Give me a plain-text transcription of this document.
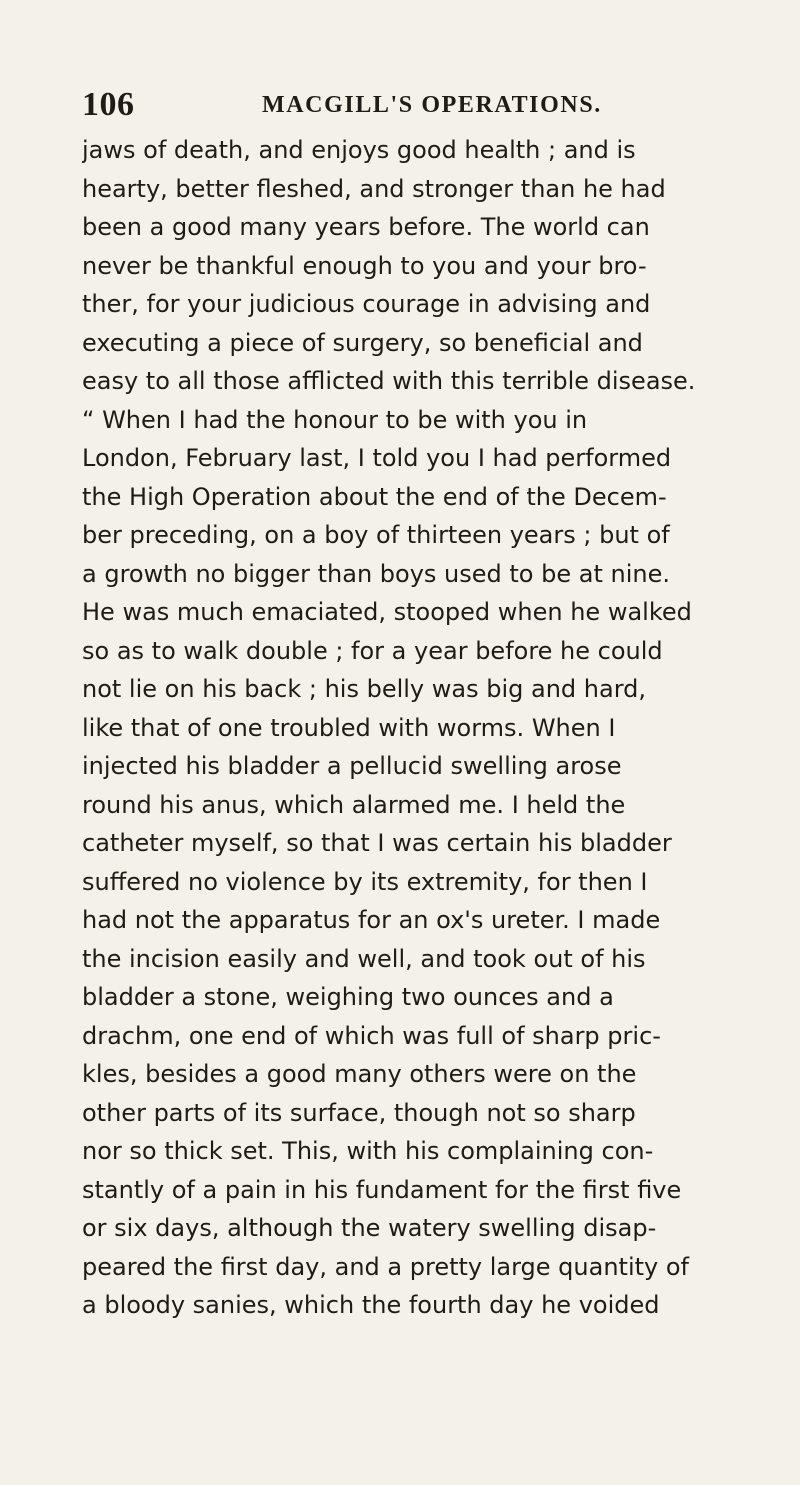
106	MACGILL'S OPERATIONS.
jaws of death, and enjoys good health ; and is
hearty, better fleshed, and stronger than he had
been a good many years before. The world can
never be thankful enough to you and your bro-
ther, for your judicious courage in advising and
executing a piece of surgery, so beneficial and
easy to all those afflicted with this terrible disease.
“ When I had the honour to be with you in
London, February last, I told you I had performed
the High Operation about the end of the Decem-
ber preceding, on a boy of thirteen years ; but of
a growth no bigger than boys used to be at nine.
He was much emaciated, stooped when he walked
so as to walk double ; for a year before he could
not lie on his back ; his belly was big and hard,
like that of one troubled with worms. When I
injected his bladder a pellucid swelling arose
round his anus, which alarmed me. I held the
catheter myself, so that I was certain his bladder
suffered no violence by its extremity, for then I
had not the apparatus for an ox's ureter. I made
the incision easily and well, and took out of his
bladder a stone, weighing two ounces and a
drachm, one end of which was full of sharp pric-
kles, besides a good many others were on the
other parts of its surface, though not so sharp
nor so thick set. This, with his complaining con-
stantly of a pain in his fundament for the first five
or six days, although the watery swelling disap-
peared the first day, and a pretty large quantity of
a bloody sanies, which the fourth day he voided
